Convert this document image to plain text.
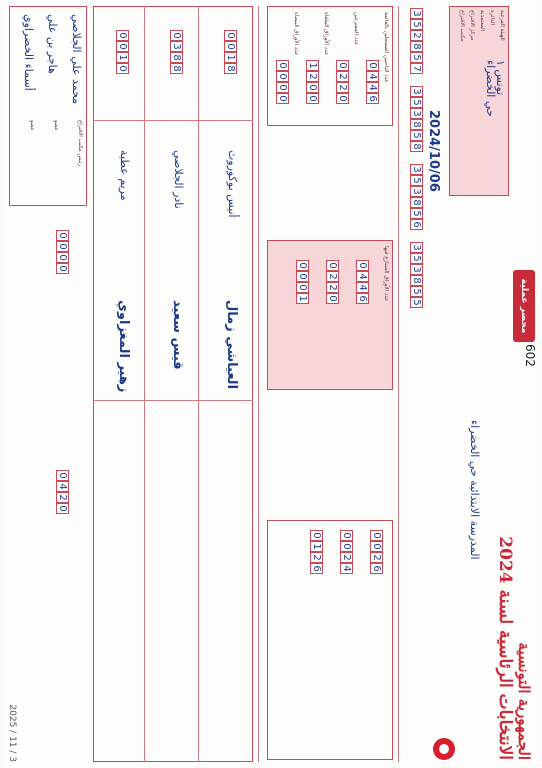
الجمهورية التونسية
الانتخابات الرئاسية لسنة 2024
602
محضر عملية الفرز
الهيئة الفرعية
الدائرة
المعتمدية
مركز الاقتراع
مكتب الاقتراع
تونس ١
حي الخضراء
2024/10/06
3
5
2
8
5
7
3
5
3
8
5
8
3
5
3
8
5
6
3
5
3
8
5
5
المدرسة الابتدائية حي الخضراء
عدد الناخبين المسجلين بالقائمة
0
4
4
6
عدد المقترعين
0
2
2
0
عدد الأوراق الملغاة
1
2
0
0
عدد الأوراق البيضاء
0
0
0
0
عدد الأوراق المتنازع فيها
0
4
4
6
0
2
2
0
0
0
0
1
0
0
2
6
0
0
2
4
0
1
2
6
العياشي زمال
قيس سعيد
زهير المغزاوي
0
0
1
8
0
3
8
8
0
0
1
0
أنيس بوكوروث
نادر الجلاصي
مريم عطية
رئيس مكتب الاقتراع
عضو
عضو
محمد علي الجلاصي
هاجر بن علي
أسماء الخضراوي
0
0
0
0
0
4
2
0
2025 / 11 / 3
